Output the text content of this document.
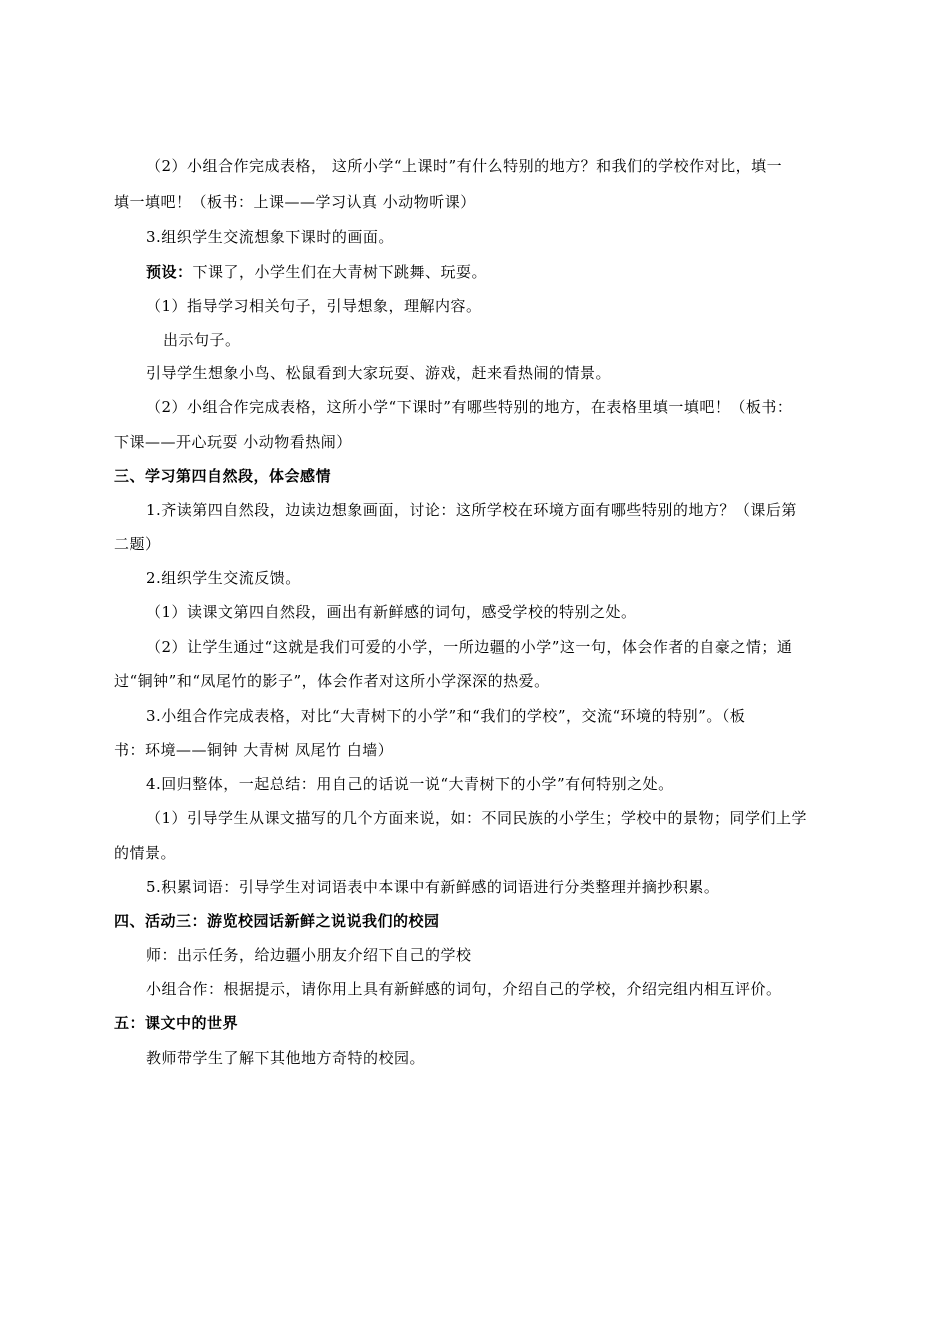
（2）小组合作完成表格， 这所小学“上课时”有什么特别的地方？和我们的学校作对比，填一
填一填吧！（板书：上课——学习认真 小动物听课）
3.组织学生交流想象下课时的画面。
预设：下课了，小学生们在大青树下跳舞、玩耍。
（1）指导学习相关句子，引导想象，理解内容。
出示句子。
引导学生想象小鸟、松鼠看到大家玩耍、游戏，赶来看热闹的情景。
（2）小组合作完成表格，这所小学“下课时”有哪些特别的地方，在表格里填一填吧！（板书：
下课——开心玩耍 小动物看热闹）
三、学习第四自然段，体会感情
1.齐读第四自然段，边读边想象画面，讨论：这所学校在环境方面有哪些特别的地方？（课后第
二题）
2.组织学生交流反馈。
（1）读课文第四自然段，画出有新鲜感的词句，感受学校的特别之处。
（2）让学生通过“这就是我们可爱的小学，一所边疆的小学”这一句，体会作者的自豪之情；通
过“铜钟”和“凤尾竹的影子”，体会作者对这所小学深深的热爱。
3.小组合作完成表格，对比“大青树下的小学”和“我们的学校”，交流“环境的特别”。（板
书：环境——铜钟 大青树 凤尾竹 白墙）
4.回归整体，一起总结：用自己的话说一说“大青树下的小学”有何特别之处。
（1）引导学生从课文描写的几个方面来说，如：不同民族的小学生；学校中的景物；同学们上学
的情景。
5.积累词语：引导学生对词语表中本课中有新鲜感的词语进行分类整理并摘抄积累。
四、活动三：游览校园话新鲜之说说我们的校园
师：出示任务，给边疆小朋友介绍下自己的学校
小组合作：根据提示，请你用上具有新鲜感的词句，介绍自己的学校，介绍完组内相互评价。
五：课文中的世界
教师带学生了解下其他地方奇特的校园。
